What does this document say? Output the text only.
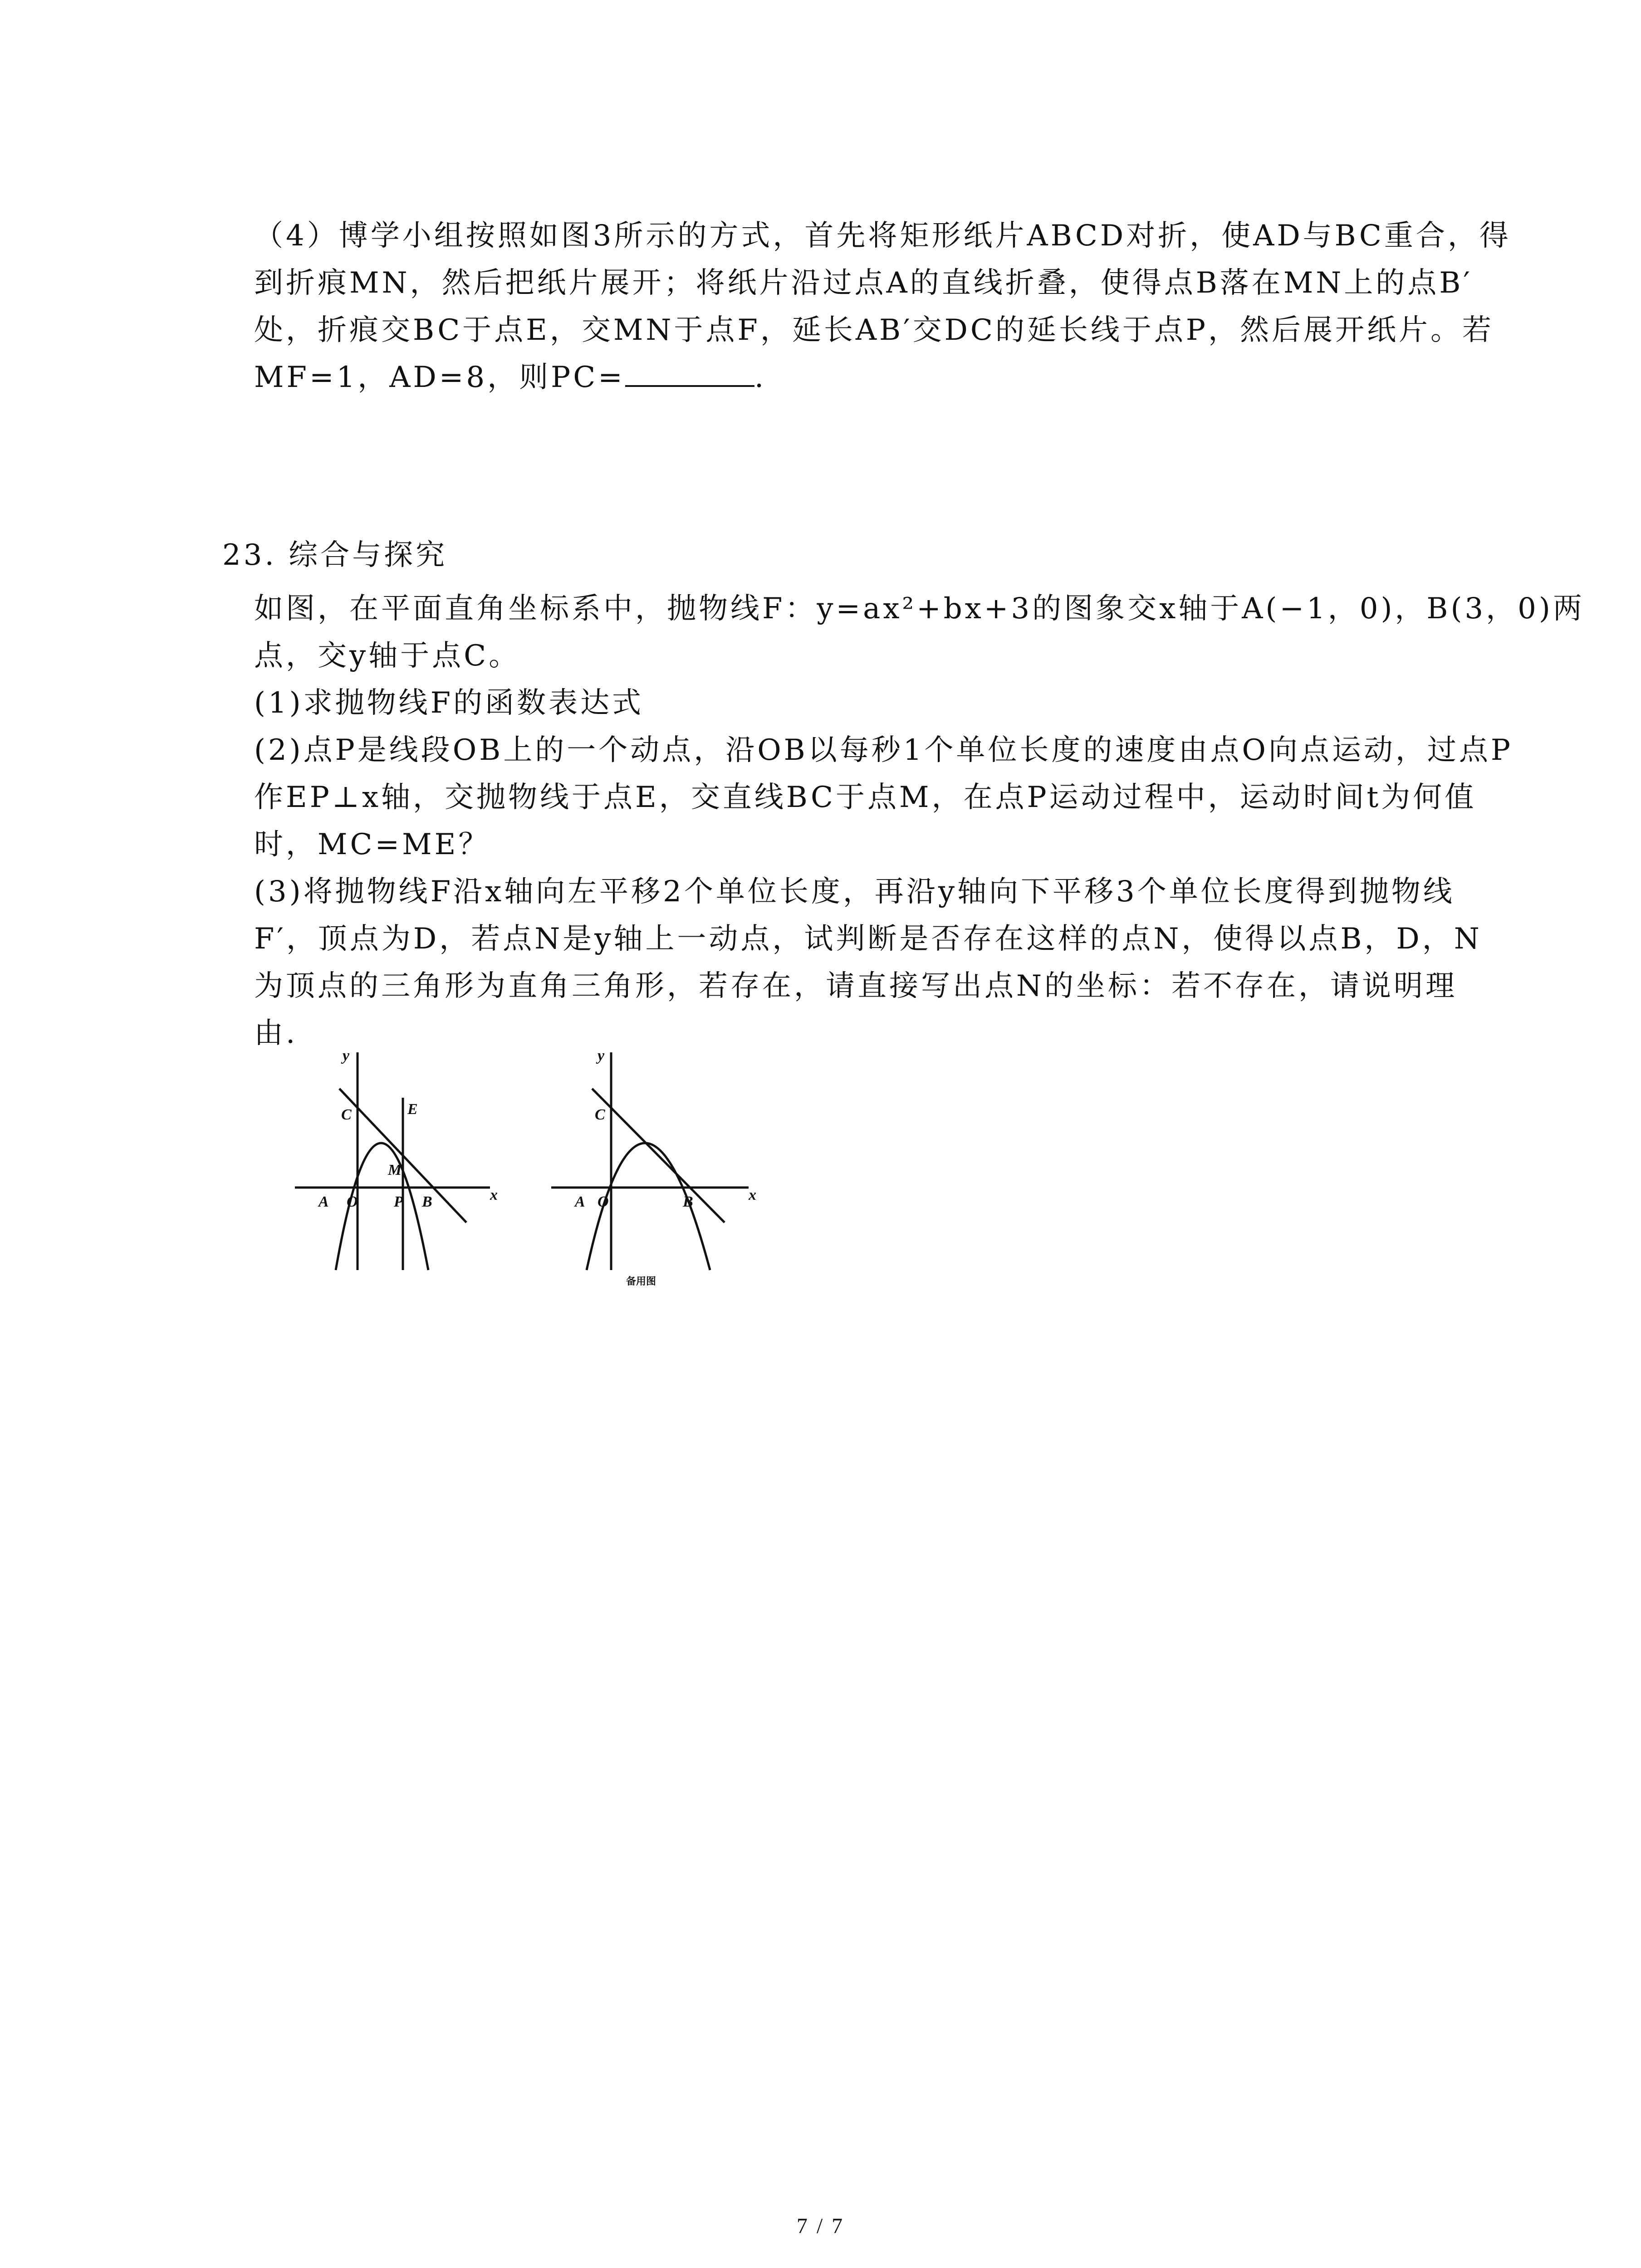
（4）博学小组按照如图3所示的方式，首先将矩形纸片ABCD对折，使AD与BC重合，得
到折痕MN，然后把纸片展开；将纸片沿过点A的直线折叠，使得点B落在MN上的点B′
处，折痕交BC于点E，交MN于点F，延长AB′交DC的延长线于点P，然后展开纸片。若
MF=1，AD=8，则PC=	.
23. 综合与探究
如图，在平面直角坐标系中，抛物线F：y=ax²+bx+3的图象交x轴于A(−1，0)，B(3，0)两
点，交y轴于点C。
(1)求抛物线F的函数表达式
(2)点P是线段OB上的一个动点，沿OB以每秒1个单位长度的速度由点O向点运动，过点P
作EP⊥x轴，交抛物线于点E，交直线BC于点M，在点P运动过程中，运动时间t为何值
时，MC=ME？
(3)将抛物线F沿x轴向左平移2个单位长度，再沿y轴向下平移3个单位长度得到抛物线
F′，顶点为D，若点N是y轴上一动点，试判断是否存在这样的点N，使得以点B，D，N
为顶点的三角形为直角三角形，若存在，请直接写出点N的坐标：若不存在，请说明理
由.
y
x
C	E
M
A O P B
y
x
C
A O	B
备用图
7 / 7
